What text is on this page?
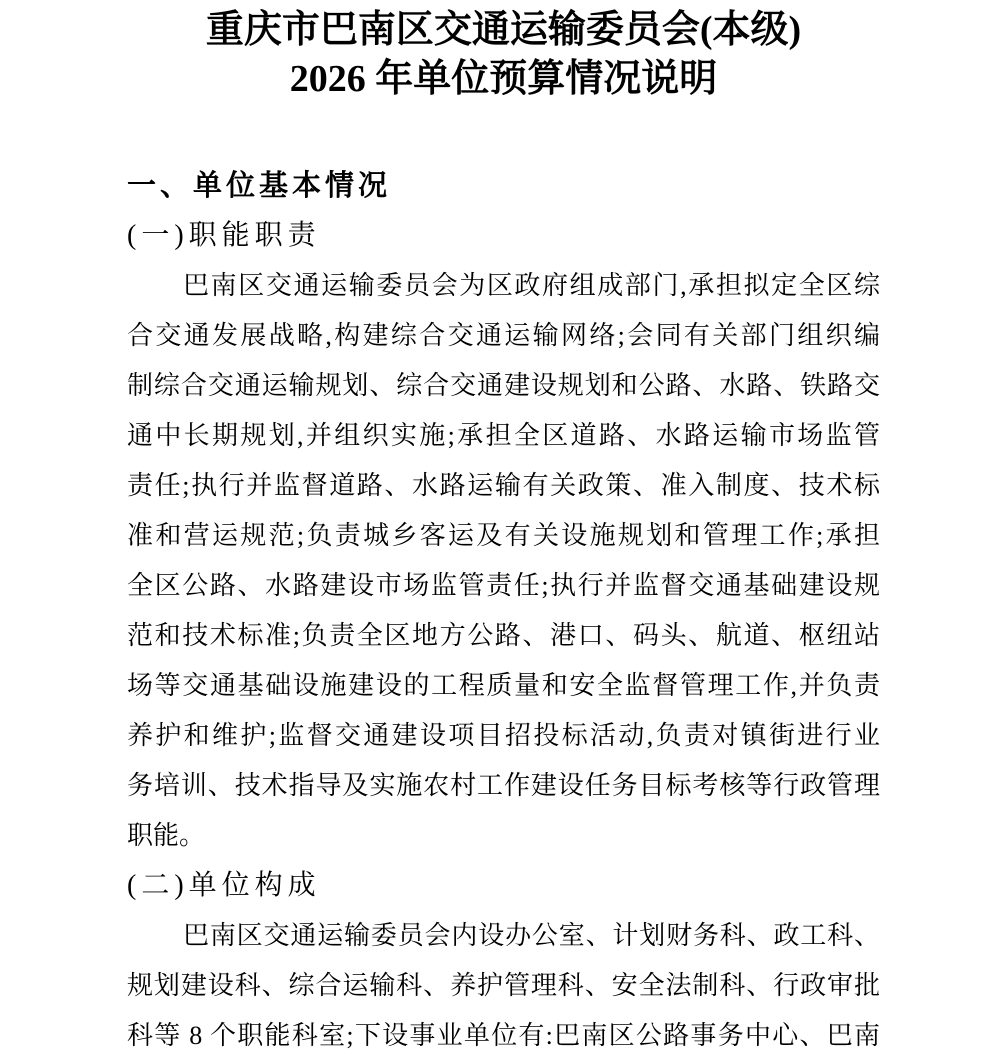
重庆市巴南区交通运输委员会(本级)
2026 年单位预算情况说明
一、单位基本情况
(一)职能职责
巴南区交通运输委员会为区政府组成部门,承担拟定全区综
合交通发展战略,构建综合交通运输网络;会同有关部门组织编
制综合交通运输规划、综合交通建设规划和公路、水路、铁路交
通中长期规划,并组织实施;承担全区道路、水路运输市场监管
责任;执行并监督道路、水路运输有关政策、准入制度、技术标
准和营运规范;负责城乡客运及有关设施规划和管理工作;承担
全区公路、水路建设市场监管责任;执行并监督交通基础建设规
范和技术标准;负责全区地方公路、港口、码头、航道、枢纽站
场等交通基础设施建设的工程质量和安全监督管理工作,并负责
养护和维护;监督交通建设项目招投标活动,负责对镇街进行业
务培训、技术指导及实施农村工作建设任务目标考核等行政管理
职能。
(二)单位构成
巴南区交通运输委员会内设办公室、计划财务科、政工科、
规划建设科、综合运输科、养护管理科、安全法制科、行政审批
科等 8 个职能科室;下设事业单位有:巴南区公路事务中心、巴南
